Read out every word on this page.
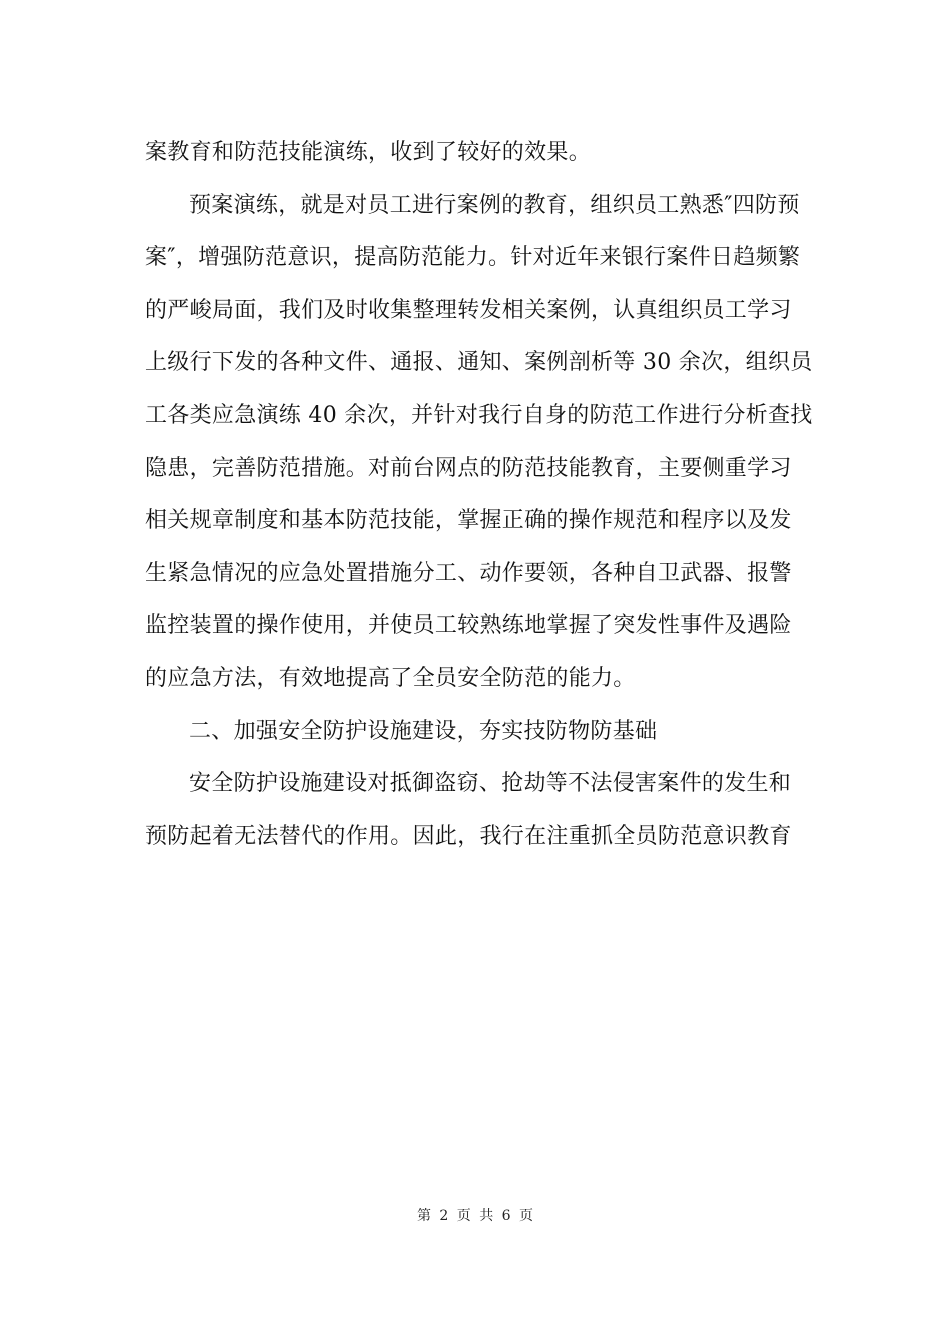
案教育和防范技能演练，收到了较好的效果。
预案演练，就是对员工进行案例的教育，组织员工熟悉″四防预
案″，增强防范意识，提高防范能力。针对近年来银行案件日趋频繁
的严峻局面，我们及时收集整理转发相关案例，认真组织员工学习
上级行下发的各种文件、通报、通知、案例剖析等 30 余次，组织员
工各类应急演练 40 余次，并针对我行自身的防范工作进行分析查找
隐患，完善防范措施。对前台网点的防范技能教育，主要侧重学习
相关规章制度和基本防范技能，掌握正确的操作规范和程序以及发
生紧急情况的应急处置措施分工、动作要领，各种自卫武器、报警
监控装置的操作使用，并使员工较熟练地掌握了突发性事件及遇险
的应急方法，有效地提高了全员安全防范的能力。
二、加强安全防护设施建设，夯实技防物防基础
安全防护设施建设对抵御盗窃、抢劫等不法侵害案件的发生和
预防起着无法替代的作用。因此，我行在注重抓全员防范意识教育
第 2 页 共 6 页
